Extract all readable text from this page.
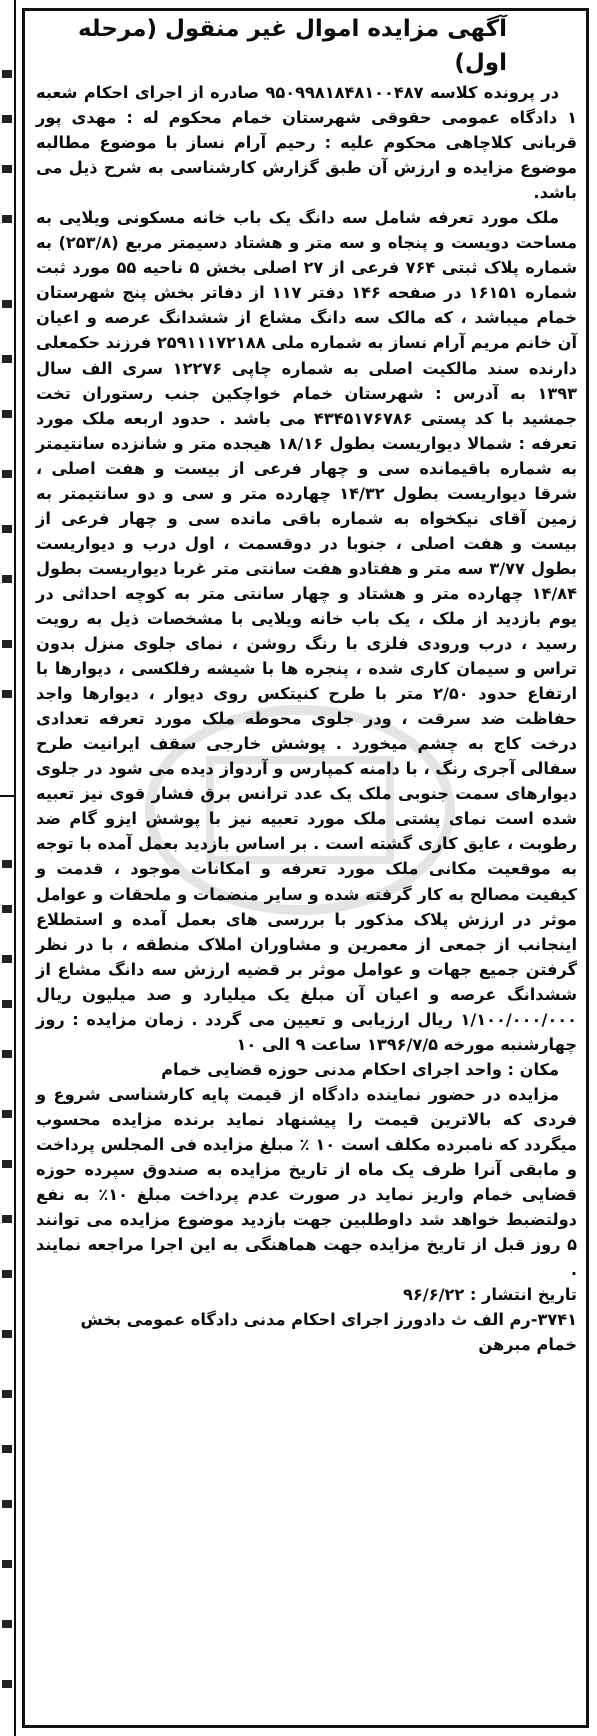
آگهی مزایده اموال غیر منقول (مرحله اول)

در پرونده کلاسه ۹۵۰۹۹۸۱۸۴۸۱۰۰۴۸۷ صادره از اجرای احکام شعبه ۱ دادگاه عمومی حقوقی شهرستان خمام محکوم له : مهدی پور قربانی کلاچاهی محکوم علیه : رحیم آرام نساز با موضوع مطالبه موضوع مزایده و ارزش آن طبق گزارش کارشناسی به شرح ذیل می باشد.

ملک مورد تعرفه شامل سه دانگ یک باب خانه مسکونی ویلایی به مساحت دویست و پنجاه و سه متر و هشتاد دسیمتر مربع (۲۵۳/۸) به شماره پلاک ثبتی ۷۶۴ فرعی از ۲۷ اصلی بخش ۵ ناحیه ۵۵ مورد ثبت شماره ۱۶۱۵۱ در صفحه ۱۴۶ دفتر ۱۱۷ از دفاتر بخش پنج شهرستان خمام میباشد ، که مالک سه دانگ مشاع از ششدانگ عرصه و اعیان آن خانم مریم آرام نساز به شماره ملی ۲۵۹۱۱۱۷۲۱۸۸ فرزند حکمعلی دارنده سند مالکیت اصلی به شماره چاپی ۱۲۲۷۶ سری الف سال ۱۳۹۳ به آدرس : شهرستان خمام خواچکین جنب رستوران تخت جمشید با کد پستی ۴۳۴۵۱۷۶۷۸۶ می باشد . حدود اربعه ملک مورد تعرفه : شمالا دیواریست بطول ۱۸/۱۶ هیجده متر و شانزده سانتیمتر به شماره باقیمانده سی و چهار فرعی از بیست و هفت اصلی ، شرقا دیواریست بطول ۱۴/۳۲ چهارده متر و سی و دو سانتیمتر به زمین آقای نیکخواه به شماره باقی مانده سی و چهار فرعی از بیست و هفت اصلی ، جنوبا در دوقسمت ، اول درب و دیواریست بطول ۳/۷۷ سه متر و هفتادو هفت سانتی متر غربا دیواریست بطول ۱۴/۸۴ چهارده متر و هشتاد و چهار سانتی متر به کوچه احداثی در یوم بازدید از ملک ، یک باب خانه ویلایی با مشخصات ذیل به رویت رسید ، درب ورودی فلزی با رنگ روشن ، نمای جلوی منزل بدون تراس و سیمان کاری شده ، پنجره ها با شیشه رفلکسی ، دیوارها با ارتفاع حدود ۲/۵۰ متر با طرح کنیتکس روی دیوار ، دیوارها واجد حفاظت ضد سرقت ، ودر جلوی محوطه ملک مورد تعرفه تعدادی درخت کاج به چشم میخورد . پوشش خارجی سقف ایرانیت طرح سفالی آجری رنگ ، با دامنه کمپارس و آردواز دیده می شود در جلوی دیوارهای سمت جنوبی ملک یک عدد ترانس برق فشار قوی نیز تعبیه شده است نمای پشتی ملک مورد تعبیه نیز با پوشش ایزو گام ضد رطوبت ، عایق کاری گشته است . بر اساس بازدید بعمل آمده با توجه به موقعیت مکانی ملک مورد تعرفه و امکانات موجود ، قدمت و کیفیت مصالح به کار گرفته شده و سایر منضمات و ملحقات و عوامل موثر در ارزش پلاک مذکور با بررسی های بعمل آمده و استطلاع اینجانب از جمعی از معمرین و مشاوران املاک منطقه ، با در نظر گرفتن جمیع جهات و عوامل موثر بر قضیه ارزش سه دانگ مشاع از ششدانگ عرصه و اعیان آن مبلغ یک میلیارد و صد میلیون ریال ۱/۱۰۰/۰۰۰/۰۰۰ ریال ارزیابی و تعیین می گردد . زمان مزایده : روز چهارشنبه مورخه ۱۳۹۶/۷/۵ ساعت ۹ الی ۱۰

مکان : واحد اجرای احکام مدنی حوزه قضایی خمام

مزایده در حضور نماینده دادگاه از قیمت پایه کارشناسی شروع و فردی که بالاترین قیمت را پیشنهاد نماید برنده مزایده محسوب میگردد که نامبرده مکلف است ۱۰ ٪ مبلغ مزایده فی المجلس پرداخت و مابقی آنرا ظرف یک ماه از تاریخ مزایده به صندوق سپرده حوزه قضایی خمام واریز نماید در صورت عدم پرداخت مبلغ ۱۰٪ به نفع دولتضبط خواهد شد داوطلبین جهت بازدید موضوع مزایده می توانند ۵ روز قبل از تاریخ مزایده جهت هماهنگی به این اجرا مراجعه نمایند .

تاریخ انتشار : ۹۶/۶/۲۲

۳۷۴۱-رم الف ث دادورز اجرای احکام مدنی دادگاه عمومی بخش خمام مبرهن
